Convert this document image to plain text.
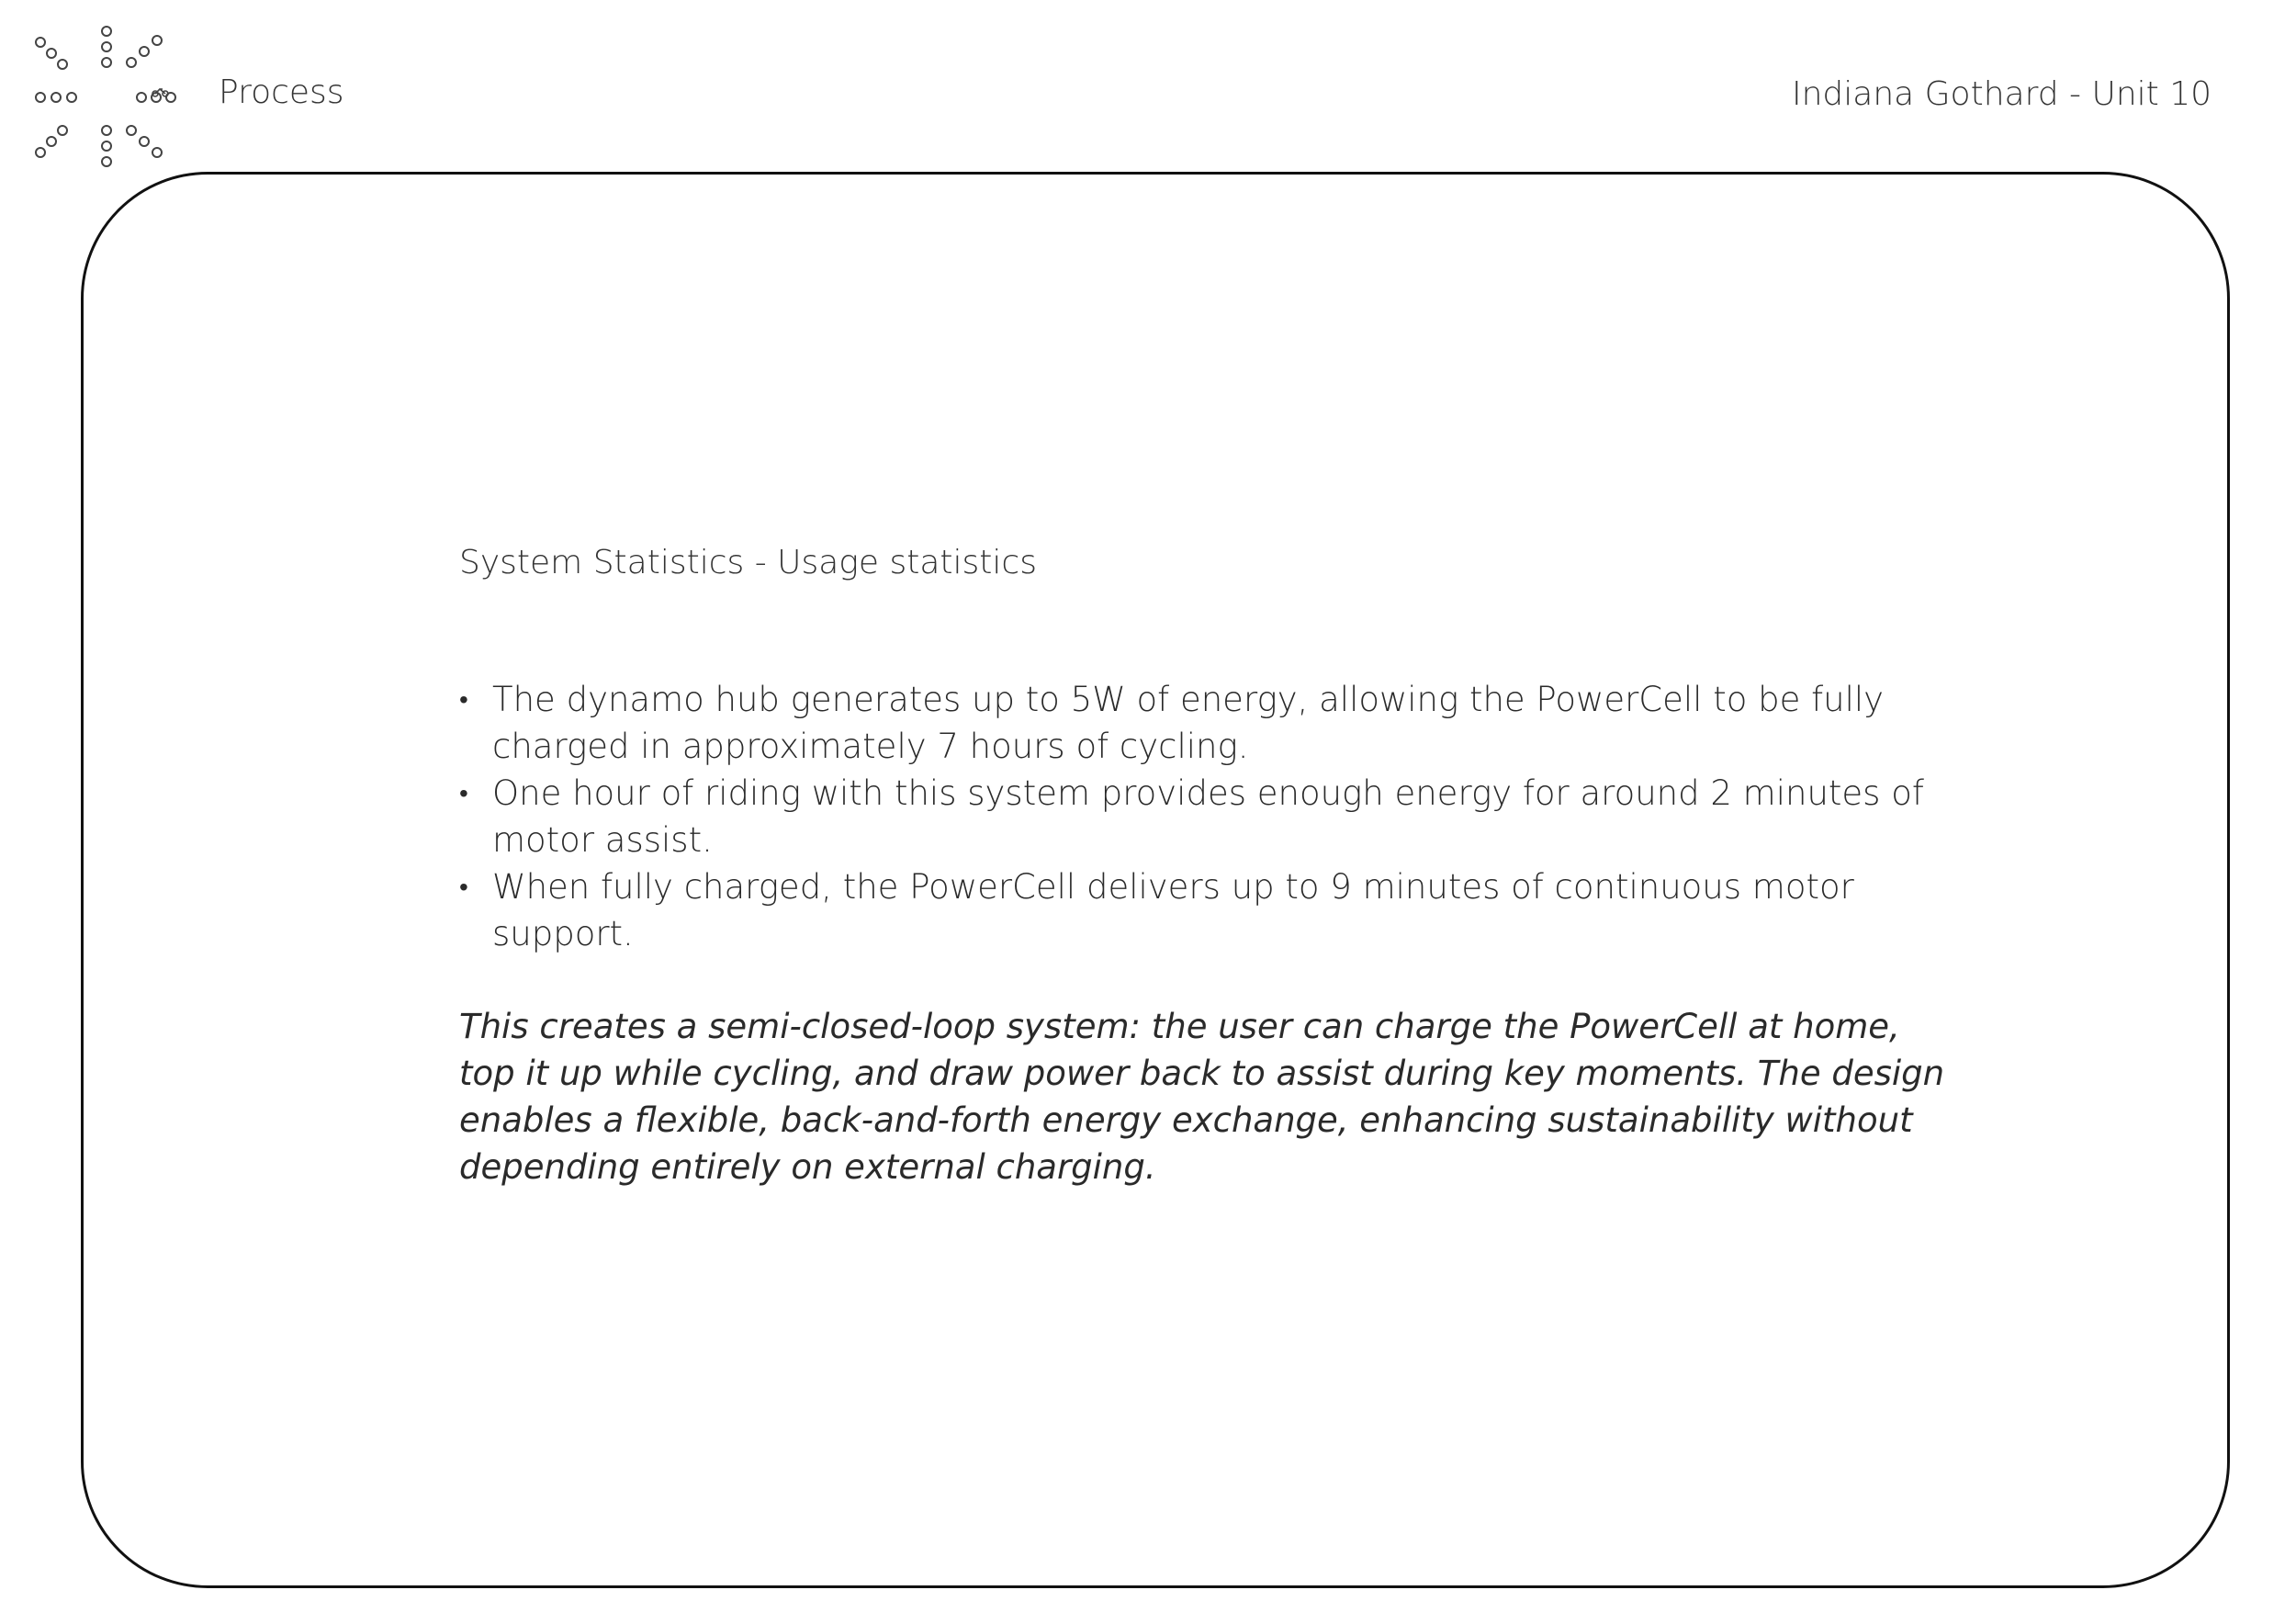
Process	Indiana Gothard - Unit 10
System Statistics - Usage statistics
• The dynamo hub generates up to 5W of energy, allowing the PowerCell to be fully charged in approximately 7 hours of cycling.
• One hour of riding with this system provides enough energy for around 2 minutes of motor assist.
• When fully charged, the PowerCell delivers up to 9 minutes of continuous motor support.

This creates a semi-closed-loop system: the user can charge the PowerCell at home, top it up while cycling, and draw power back to assist during key moments. The design enables a flexible, back-and-forth energy exchange, enhancing sustainability without depending entirely on external charging.
